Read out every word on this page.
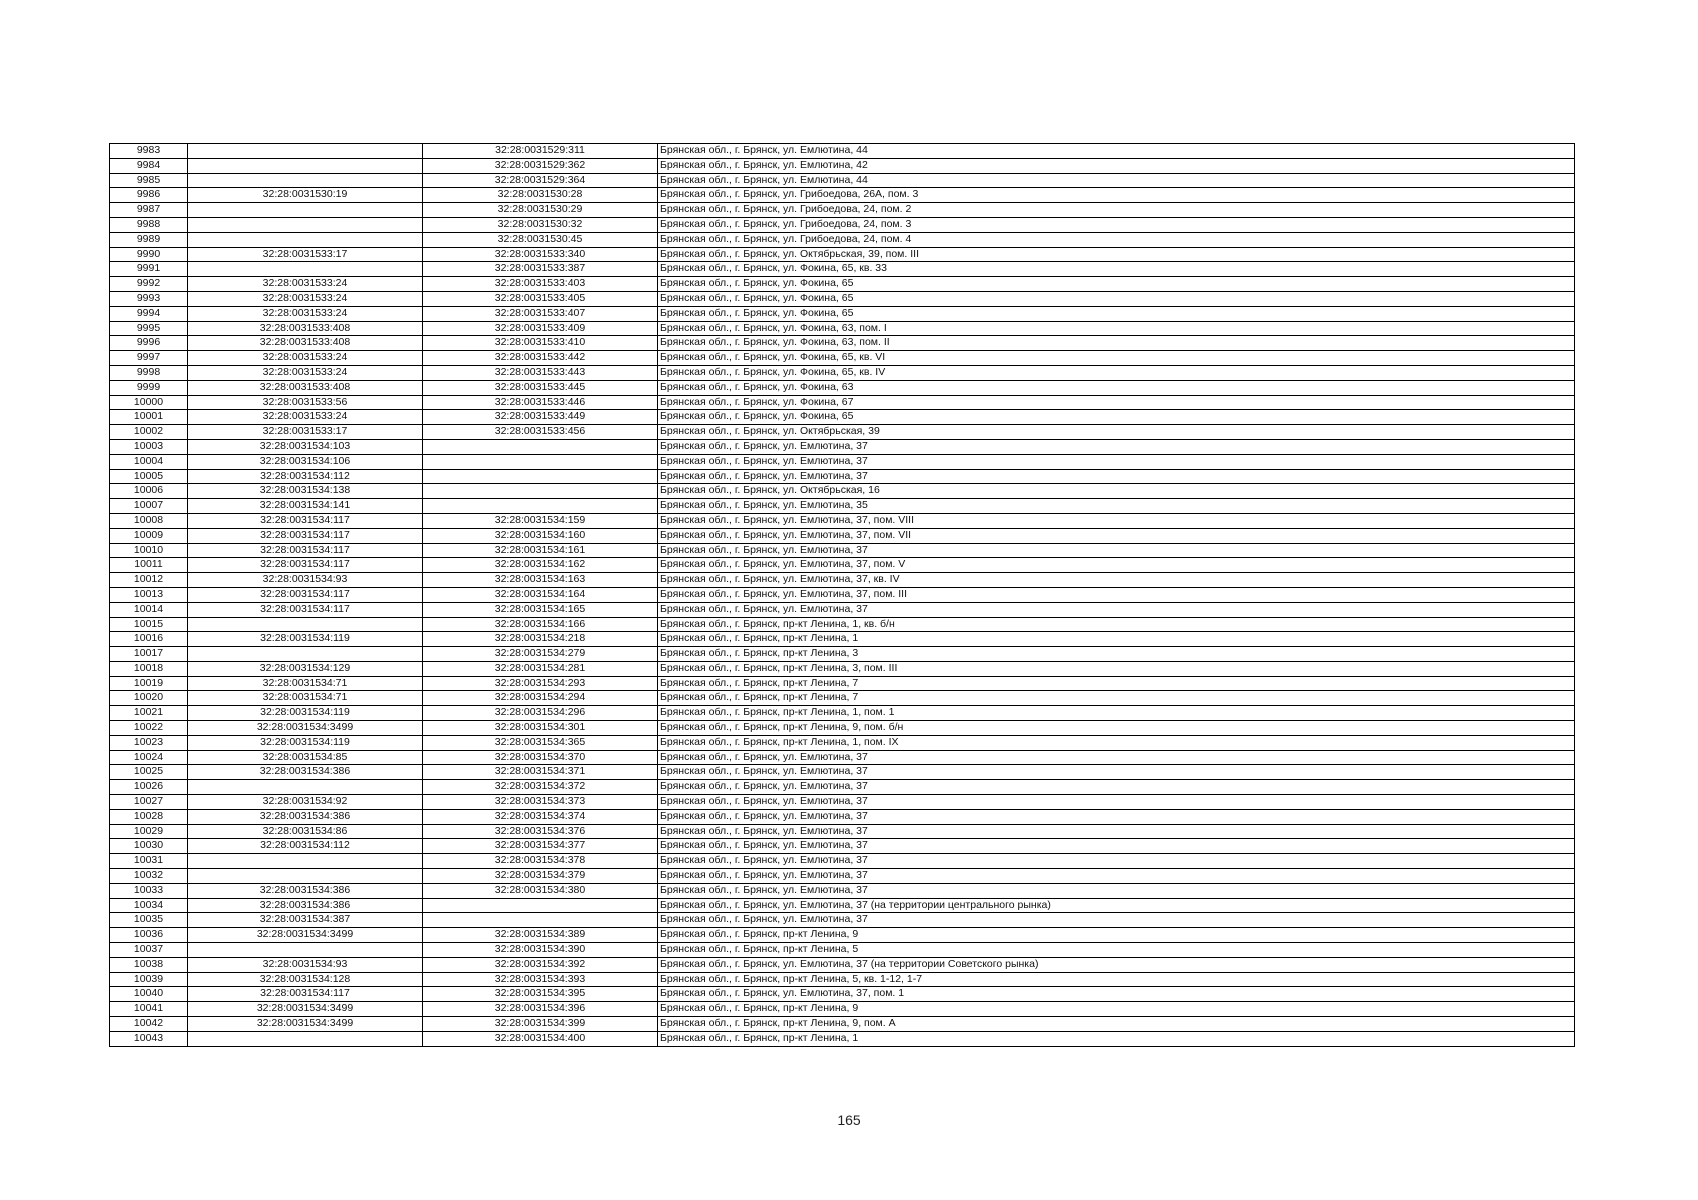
9983		32:28:0031529:311	Брянская обл., г. Брянск, ул. Емлютина, 44
9984		32:28:0031529:362	Брянская обл., г. Брянск, ул. Емлютина, 42
9985		32:28:0031529:364	Брянская обл., г. Брянск, ул. Емлютина, 44
9986	32:28:0031530:19	32:28:0031530:28	Брянская обл., г. Брянск, ул. Грибоедова, 26А, пом. 3
9987		32:28:0031530:29	Брянская обл., г. Брянск, ул. Грибоедова, 24, пом. 2
9988		32:28:0031530:32	Брянская обл., г. Брянск, ул. Грибоедова, 24, пом. 3
9989		32:28:0031530:45	Брянская обл., г. Брянск, ул. Грибоедова, 24, пом. 4
9990	32:28:0031533:17	32:28:0031533:340	Брянская обл., г. Брянск, ул. Октябрьская, 39, пом. III
9991		32:28:0031533:387	Брянская обл., г. Брянск, ул. Фокина, 65, кв. 33
9992	32:28:0031533:24	32:28:0031533:403	Брянская обл., г. Брянск, ул. Фокина, 65
9993	32:28:0031533:24	32:28:0031533:405	Брянская обл., г. Брянск, ул. Фокина, 65
9994	32:28:0031533:24	32:28:0031533:407	Брянская обл., г. Брянск, ул. Фокина, 65
9995	32:28:0031533:408	32:28:0031533:409	Брянская обл., г. Брянск, ул. Фокина, 63, пом. I
9996	32:28:0031533:408	32:28:0031533:410	Брянская обл., г. Брянск, ул. Фокина, 63, пом. II
9997	32:28:0031533:24	32:28:0031533:442	Брянская обл., г. Брянск, ул. Фокина, 65, кв. VI
9998	32:28:0031533:24	32:28:0031533:443	Брянская обл., г. Брянск, ул. Фокина, 65, кв. IV
9999	32:28:0031533:408	32:28:0031533:445	Брянская обл., г. Брянск, ул. Фокина, 63
10000	32:28:0031533:56	32:28:0031533:446	Брянская обл., г. Брянск, ул. Фокина, 67
10001	32:28:0031533:24	32:28:0031533:449	Брянская обл., г. Брянск, ул. Фокина, 65
10002	32:28:0031533:17	32:28:0031533:456	Брянская обл., г. Брянск, ул. Октябрьская, 39
10003	32:28:0031534:103		Брянская обл., г. Брянск, ул. Емлютина, 37
10004	32:28:0031534:106		Брянская обл., г. Брянск, ул. Емлютина, 37
10005	32:28:0031534:112		Брянская обл., г. Брянск, ул. Емлютина, 37
10006	32:28:0031534:138		Брянская обл., г. Брянск, ул. Октябрьская, 16
10007	32:28:0031534:141		Брянская обл., г. Брянск, ул. Емлютина, 35
10008	32:28:0031534:117	32:28:0031534:159	Брянская обл., г. Брянск, ул. Емлютина, 37, пом. VIII
10009	32:28:0031534:117	32:28:0031534:160	Брянская обл., г. Брянск, ул. Емлютина, 37, пом. VII
10010	32:28:0031534:117	32:28:0031534:161	Брянская обл., г. Брянск, ул. Емлютина, 37
10011	32:28:0031534:117	32:28:0031534:162	Брянская обл., г. Брянск, ул. Емлютина, 37, пом. V
10012	32:28:0031534:93	32:28:0031534:163	Брянская обл., г. Брянск, ул. Емлютина, 37, кв. IV
10013	32:28:0031534:117	32:28:0031534:164	Брянская обл., г. Брянск, ул. Емлютина, 37, пом. III
10014	32:28:0031534:117	32:28:0031534:165	Брянская обл., г. Брянск, ул. Емлютина, 37
10015		32:28:0031534:166	Брянская обл., г. Брянск, пр-кт Ленина, 1, кв. б/н
10016	32:28:0031534:119	32:28:0031534:218	Брянская обл., г. Брянск, пр-кт Ленина, 1
10017		32:28:0031534:279	Брянская обл., г. Брянск, пр-кт Ленина, 3
10018	32:28:0031534:129	32:28:0031534:281	Брянская обл., г. Брянск, пр-кт Ленина, 3, пом. III
10019	32:28:0031534:71	32:28:0031534:293	Брянская обл., г. Брянск, пр-кт Ленина, 7
10020	32:28:0031534:71	32:28:0031534:294	Брянская обл., г. Брянск, пр-кт Ленина, 7
10021	32:28:0031534:119	32:28:0031534:296	Брянская обл., г. Брянск, пр-кт Ленина, 1, пом. 1
10022	32:28:0031534:3499	32:28:0031534:301	Брянская обл., г. Брянск, пр-кт Ленина, 9, пом. б/н
10023	32:28:0031534:119	32:28:0031534:365	Брянская обл., г. Брянск, пр-кт Ленина, 1, пом. IX
10024	32:28:0031534:85	32:28:0031534:370	Брянская обл., г. Брянск, ул. Емлютина, 37
10025	32:28:0031534:386	32:28:0031534:371	Брянская обл., г. Брянск, ул. Емлютина, 37
10026		32:28:0031534:372	Брянская обл., г. Брянск, ул. Емлютина, 37
10027	32:28:0031534:92	32:28:0031534:373	Брянская обл., г. Брянск, ул. Емлютина, 37
10028	32:28:0031534:386	32:28:0031534:374	Брянская обл., г. Брянск, ул. Емлютина, 37
10029	32:28:0031534:86	32:28:0031534:376	Брянская обл., г. Брянск, ул. Емлютина, 37
10030	32:28:0031534:112	32:28:0031534:377	Брянская обл., г. Брянск, ул. Емлютина, 37
10031		32:28:0031534:378	Брянская обл., г. Брянск, ул. Емлютина, 37
10032		32:28:0031534:379	Брянская обл., г. Брянск, ул. Емлютина, 37
10033	32:28:0031534:386	32:28:0031534:380	Брянская обл., г. Брянск, ул. Емлютина, 37
10034	32:28:0031534:386		Брянская обл., г. Брянск, ул. Емлютина, 37 (на территории центрального рынка)
10035	32:28:0031534:387		Брянская обл., г. Брянск, ул. Емлютина, 37
10036	32:28:0031534:3499	32:28:0031534:389	Брянская обл., г. Брянск, пр-кт Ленина, 9
10037		32:28:0031534:390	Брянская обл., г. Брянск, пр-кт Ленина, 5
10038	32:28:0031534:93	32:28:0031534:392	Брянская обл., г. Брянск, ул. Емлютина, 37 (на территории Советского рынка)
10039	32:28:0031534:128	32:28:0031534:393	Брянская обл., г. Брянск, пр-кт Ленина, 5, кв. 1-12, 1-7
10040	32:28:0031534:117	32:28:0031534:395	Брянская обл., г. Брянск, ул. Емлютина, 37, пом. 1
10041	32:28:0031534:3499	32:28:0031534:396	Брянская обл., г. Брянск, пр-кт Ленина, 9
10042	32:28:0031534:3499	32:28:0031534:399	Брянская обл., г. Брянск, пр-кт Ленина, 9, пом. А
10043		32:28:0031534:400	Брянская обл., г. Брянск, пр-кт Ленина, 1
165
